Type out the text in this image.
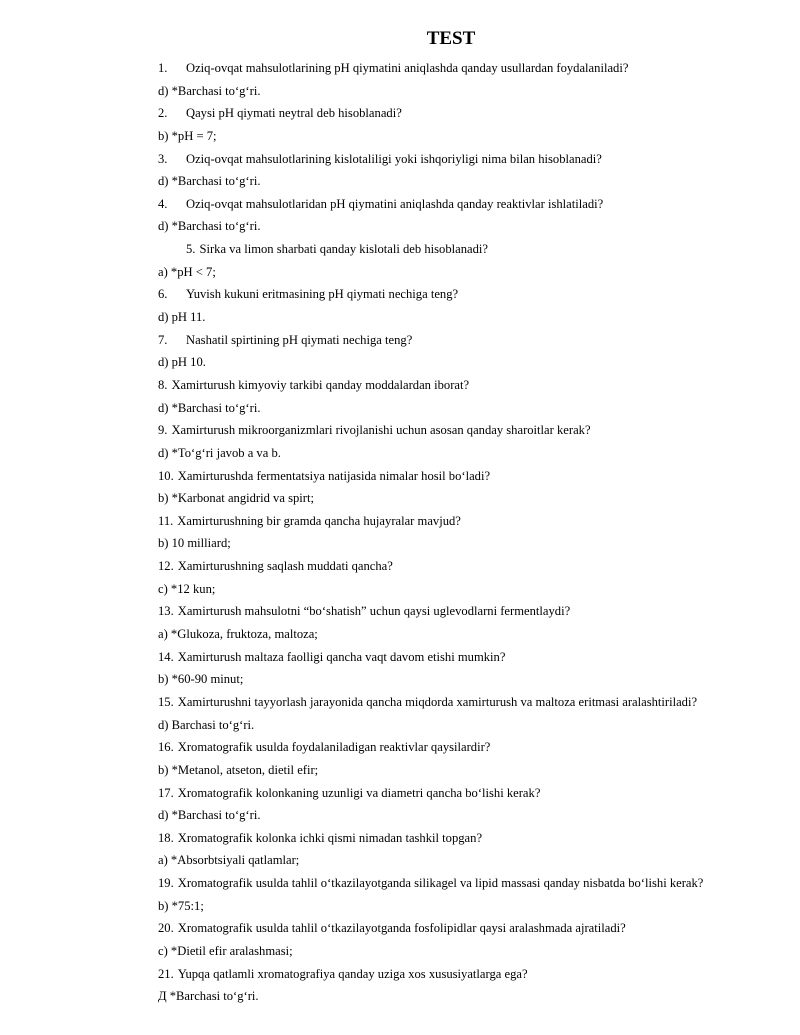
TEST
1. Oziq-ovqat mahsulotlarining pH qiymatini aniqlashda qanday usullardan foydalaniladi?
d) *Barchasi to‘g‘ri.
2. Qaysi pH qiymati neytral deb hisoblanadi?
b) *pH = 7;
3. Oziq-ovqat mahsulotlarining kislotaliligi yoki ishqoriyligi nima bilan hisoblanadi?
d) *Barchasi to‘g‘ri.
4. Oziq-ovqat mahsulotlaridan pH qiymatini aniqlashda qanday reaktivlar ishlatiladi?
d) *Barchasi to‘g‘ri.
5. Sirka va limon sharbati qanday kislotali deb hisoblanadi?
a) *pH < 7;
6. Yuvish kukuni eritmasining pH qiymati nechiga teng?
d) pH 11.
7. Nashatil spirtining pH qiymati nechiga teng?
d) pH 10.
8. Xamirturush kimyoviy tarkibi qanday moddalardan iborat?
d) *Barchasi to‘g‘ri.
9. Xamirturush mikroorganizmlari rivojlanishi uchun asosan qanday sharoitlar kerak?
d) *To‘g‘ri javob a va b.
10. Xamirturushda fermentatsiya natijasida nimalar hosil bo‘ladi?
b) *Karbonat angidrid va spirt;
11. Xamirturushning bir gramda qancha hujayralar mavjud?
b) 10 milliard;
12. Xamirturushning saqlash muddati qancha?
c) *12 kun;
13. Xamirturush mahsulotni “bo‘shatish” uchun qaysi uglevodlarni fermentlaydi?
a) *Glukoza, fruktoza, maltoza;
14. Xamirturush maltaza faolligi qancha vaqt davom etishi mumkin?
b) *60-90 minut;
15. Xamirturushni tayyorlash jarayonida qancha miqdorda xamirturush va maltoza eritmasi aralashtiriladi?
d) Barchasi to‘g‘ri.
16. Xromatografik usulda foydalaniladigan reaktivlar qaysilardir?
b) *Metanol, atseton, dietil efir;
17. Xromatografik kolonkaning uzunligi va diametri qancha bo‘lishi kerak?
d) *Barchasi to‘g‘ri.
18. Xromatografik kolonka ichki qismi nimadan tashkil topgan?
a) *Absorbtsiyali qatlamlar;
19. Xromatografik usulda tahlil o‘tkazilayotganda silikagel va lipid massasi qanday nisbatda bo‘lishi kerak?
b) *75:1;
20. Xromatografik usulda tahlil o‘tkazilayotganda fosfolipidlar qaysi aralashmada ajratiladi?
c) *Dietil efir aralashmasi;
21. Yupqa qatlamli xromatografiya qanday uziga xos xususiyatlarga ega?
Д *Barchasi to‘g‘ri.
